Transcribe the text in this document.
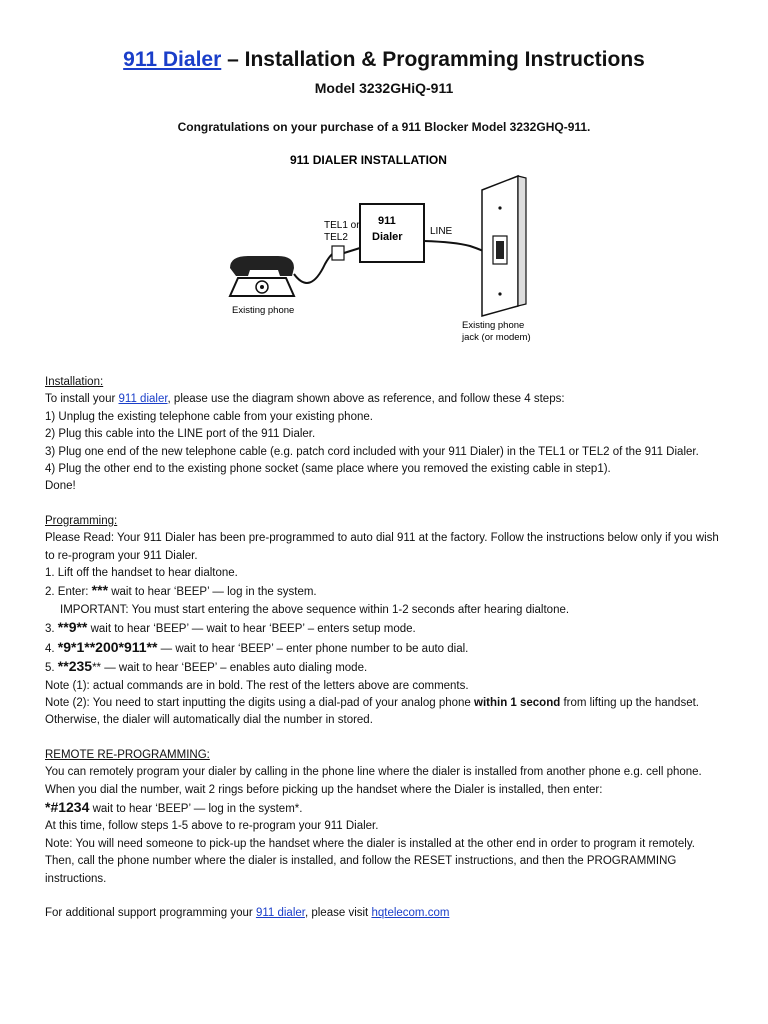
911 Dialer – Installation & Programming Instructions
Model 3232GHiQ-911
Congratulations on your purchase of a 911 Blocker Model 3232GHQ-911.
911 DIALER INSTALLATION
TEL1 or
TEL2
911
Dialer	LINE
Existing phone
Existing phone
jack (or modem)

Installation:

To install your 911 dialer, please use the diagram shown above as reference, and follow these 4 steps:

1) Unplug the existing telephone cable from your existing phone.

2) Plug this cable into the LINE port of the 911 Dialer.

3) Plug one end of the new telephone cable (e.g. patch cord included with your 911 Dialer) in the TEL1 or TEL2 of the 911 Dialer.

4) Plug the other end to the existing phone socket (same place where you removed the existing cable in step1).

Done!

Programming:

Please Read: Your 911 Dialer has been pre-programmed to auto dial 911 at the factory. Follow the instructions below only if you wish to re-program your 911 Dialer.

1. Lift off the handset to hear dialtone.

2. Enter: *** wait to hear ‘BEEP’ — log in the system.

IMPORTANT: You must start entering the above sequence within 1-2 seconds after hearing dialtone.

3. **9** wait to hear ‘BEEP’ — wait to hear ‘BEEP’ – enters setup mode.

4. *9*1**200*911** — wait to hear ‘BEEP’ – enter phone number to be auto dial.

5. **235** — wait to hear ‘BEEP’ – enables auto dialing mode.

Note (1): actual commands are in bold. The rest of the letters above are comments.

Note (2): You need to start inputting the digits using a dial-pad of your analog phone within 1 second from lifting up the handset. Otherwise, the dialer will automatically dial the number in stored.

REMOTE RE-PROGRAMMING:

You can remotely program your dialer by calling in the phone line where the dialer is installed from another phone e.g. cell phone.

When you dial the number, wait 2 rings before picking up the handset where the Dialer is installed, then enter:

*#1234 wait to hear ‘BEEP’ — log in the system*.

At this time, follow steps 1-5 above to re-program your 911 Dialer.

Note: You will need someone to pick-up the handset where the dialer is installed at the other end in order to program it remotely. Then, call the phone number where the dialer is installed, and follow the RESET instructions, and then the PROGRAMMING instructions.

For additional support programming your 911 dialer, please visit hqtelecom.com
